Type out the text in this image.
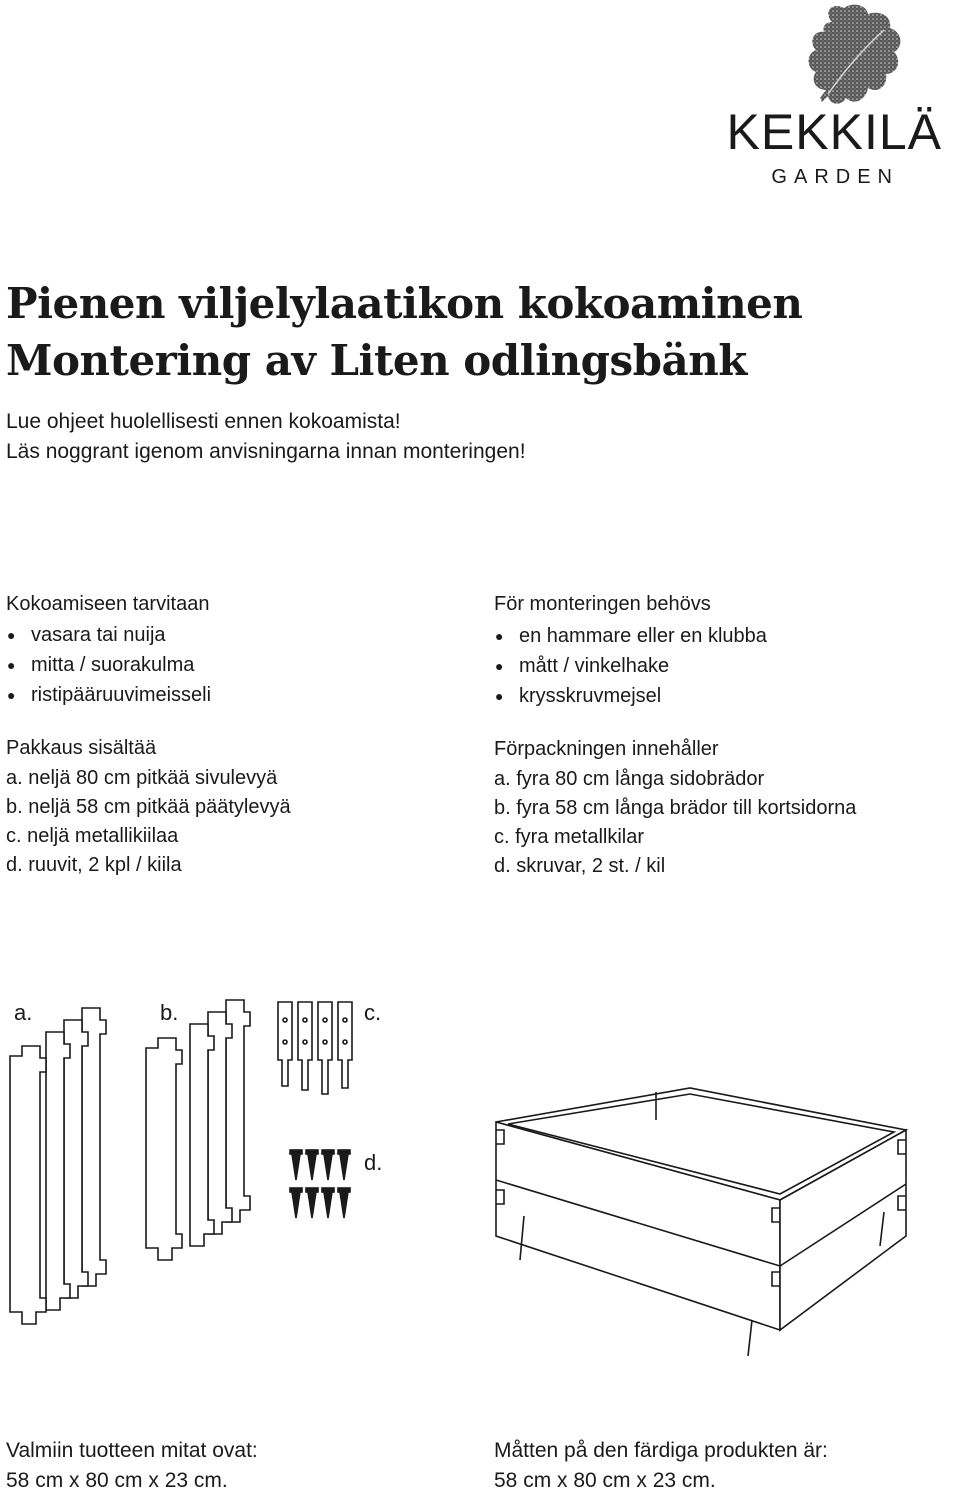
KEKKILÄ
GARDEN
Pienen viljelylaatikon kokoaminen
Montering av Liten odlingsbänk
Lue ohjeet huolellisesti ennen kokoamista!
Läs noggrant igenom anvisningarna innan monteringen!
Kokoamiseen tarvitaan
● vasara tai nuija
● mitta / suorakulma
● ristipääruuvimeisseli
Pakkaus sisältää
a. neljä 80 cm pitkää sivulevyä
b. neljä 58 cm pitkää päätylevyä
c. neljä metallikiilaa
d. ruuvit, 2 kpl / kiila
För monteringen behövs
● en hammare eller en klubba
● mått / vinkelhake
● krysskruvmejsel
Förpackningen innehåller
a. fyra 80 cm långa sidobrädor
b. fyra 58 cm långa brädor till kortsidorna
c. fyra metallkilar
d. skruvar, 2 st. / kil
a.	b.	c.
d.
Valmiin tuotteen mitat ovat:
58 cm x 80 cm x 23 cm.
Måtten på den färdiga produkten är:
58 cm x 80 cm x 23 cm.
